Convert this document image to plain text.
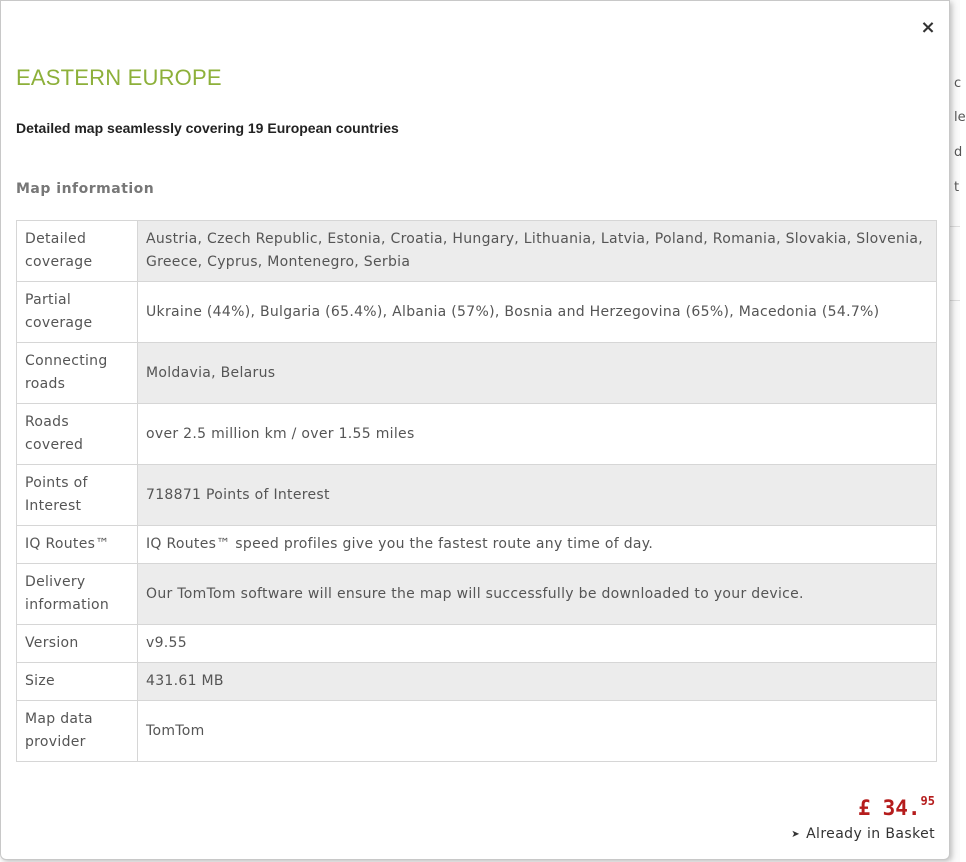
c
le
d
t
×
EASTERN EUROPE

Detailed map seamlessly covering 19 European countries

Map information
Detailed coverage	Austria, Czech Republic, Estonia, Croatia, Hungary, Lithuania, Latvia, Poland, Romania, Slovakia, Slovenia, Greece, Cyprus, Montenegro, Serbia
Partial coverage	Ukraine (44%), Bulgaria (65.4%), Albania (57%), Bosnia and Herzegovina (65%), Macedonia (54.7%)
Connecting roads	Moldavia, Belarus
Roads covered	over 2.5 million km / over 1.55 miles
Points of Interest	718871 Points of Interest
IQ Routes™	IQ Routes™ speed profiles give you the fastest route any time of day.
Delivery information	Our TomTom software will ensure the map will successfully be downloaded to your device.
Version	v9.55
Size	431.61 MB
Map data provider	TomTom
£ 34.95
➤ Already in Basket
